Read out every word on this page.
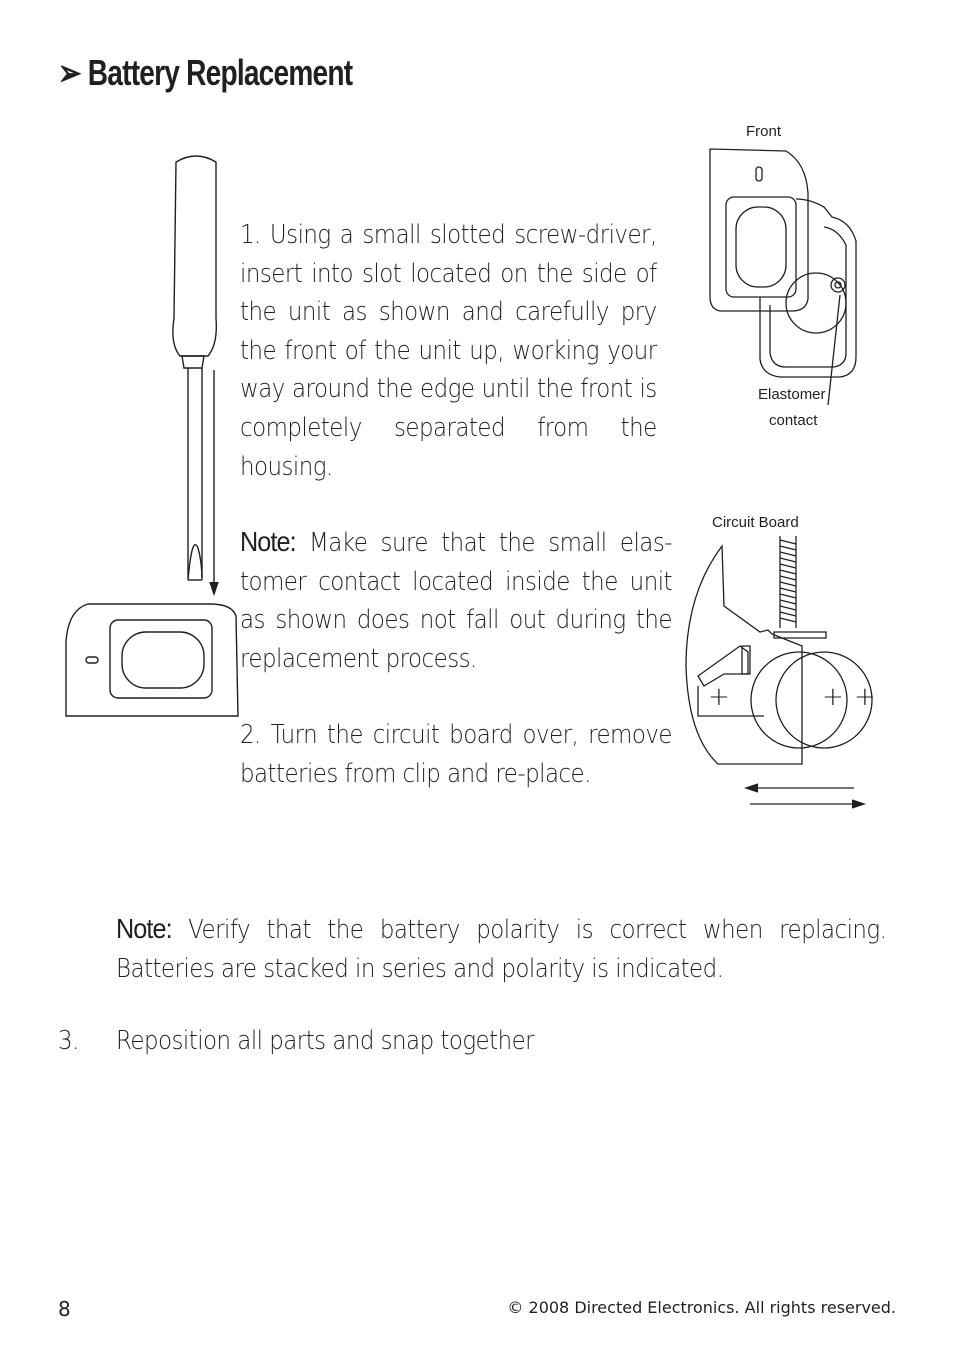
➢ Battery Replacement
1. Using a small slotted screw-driver, insert into slot located on the side of the unit as shown and carefully pry the front of the unit up, working your way around the edge until the front is completely separated from the housing.
Note: Make sure that the small elas-tomer contact located inside the unit as shown does not fall out during the replacement process.
2. Turn the circuit board over, remove batteries from clip and re-place.
Front
Elastomer
contact
Circuit Board
+	+ +
Note: Verify that the battery polarity is correct when replacing. Batteries are stacked in series and polarity is indicated.
3. Reposition all parts and snap together
8	© 2008 Directed Electronics. All rights reserved.
